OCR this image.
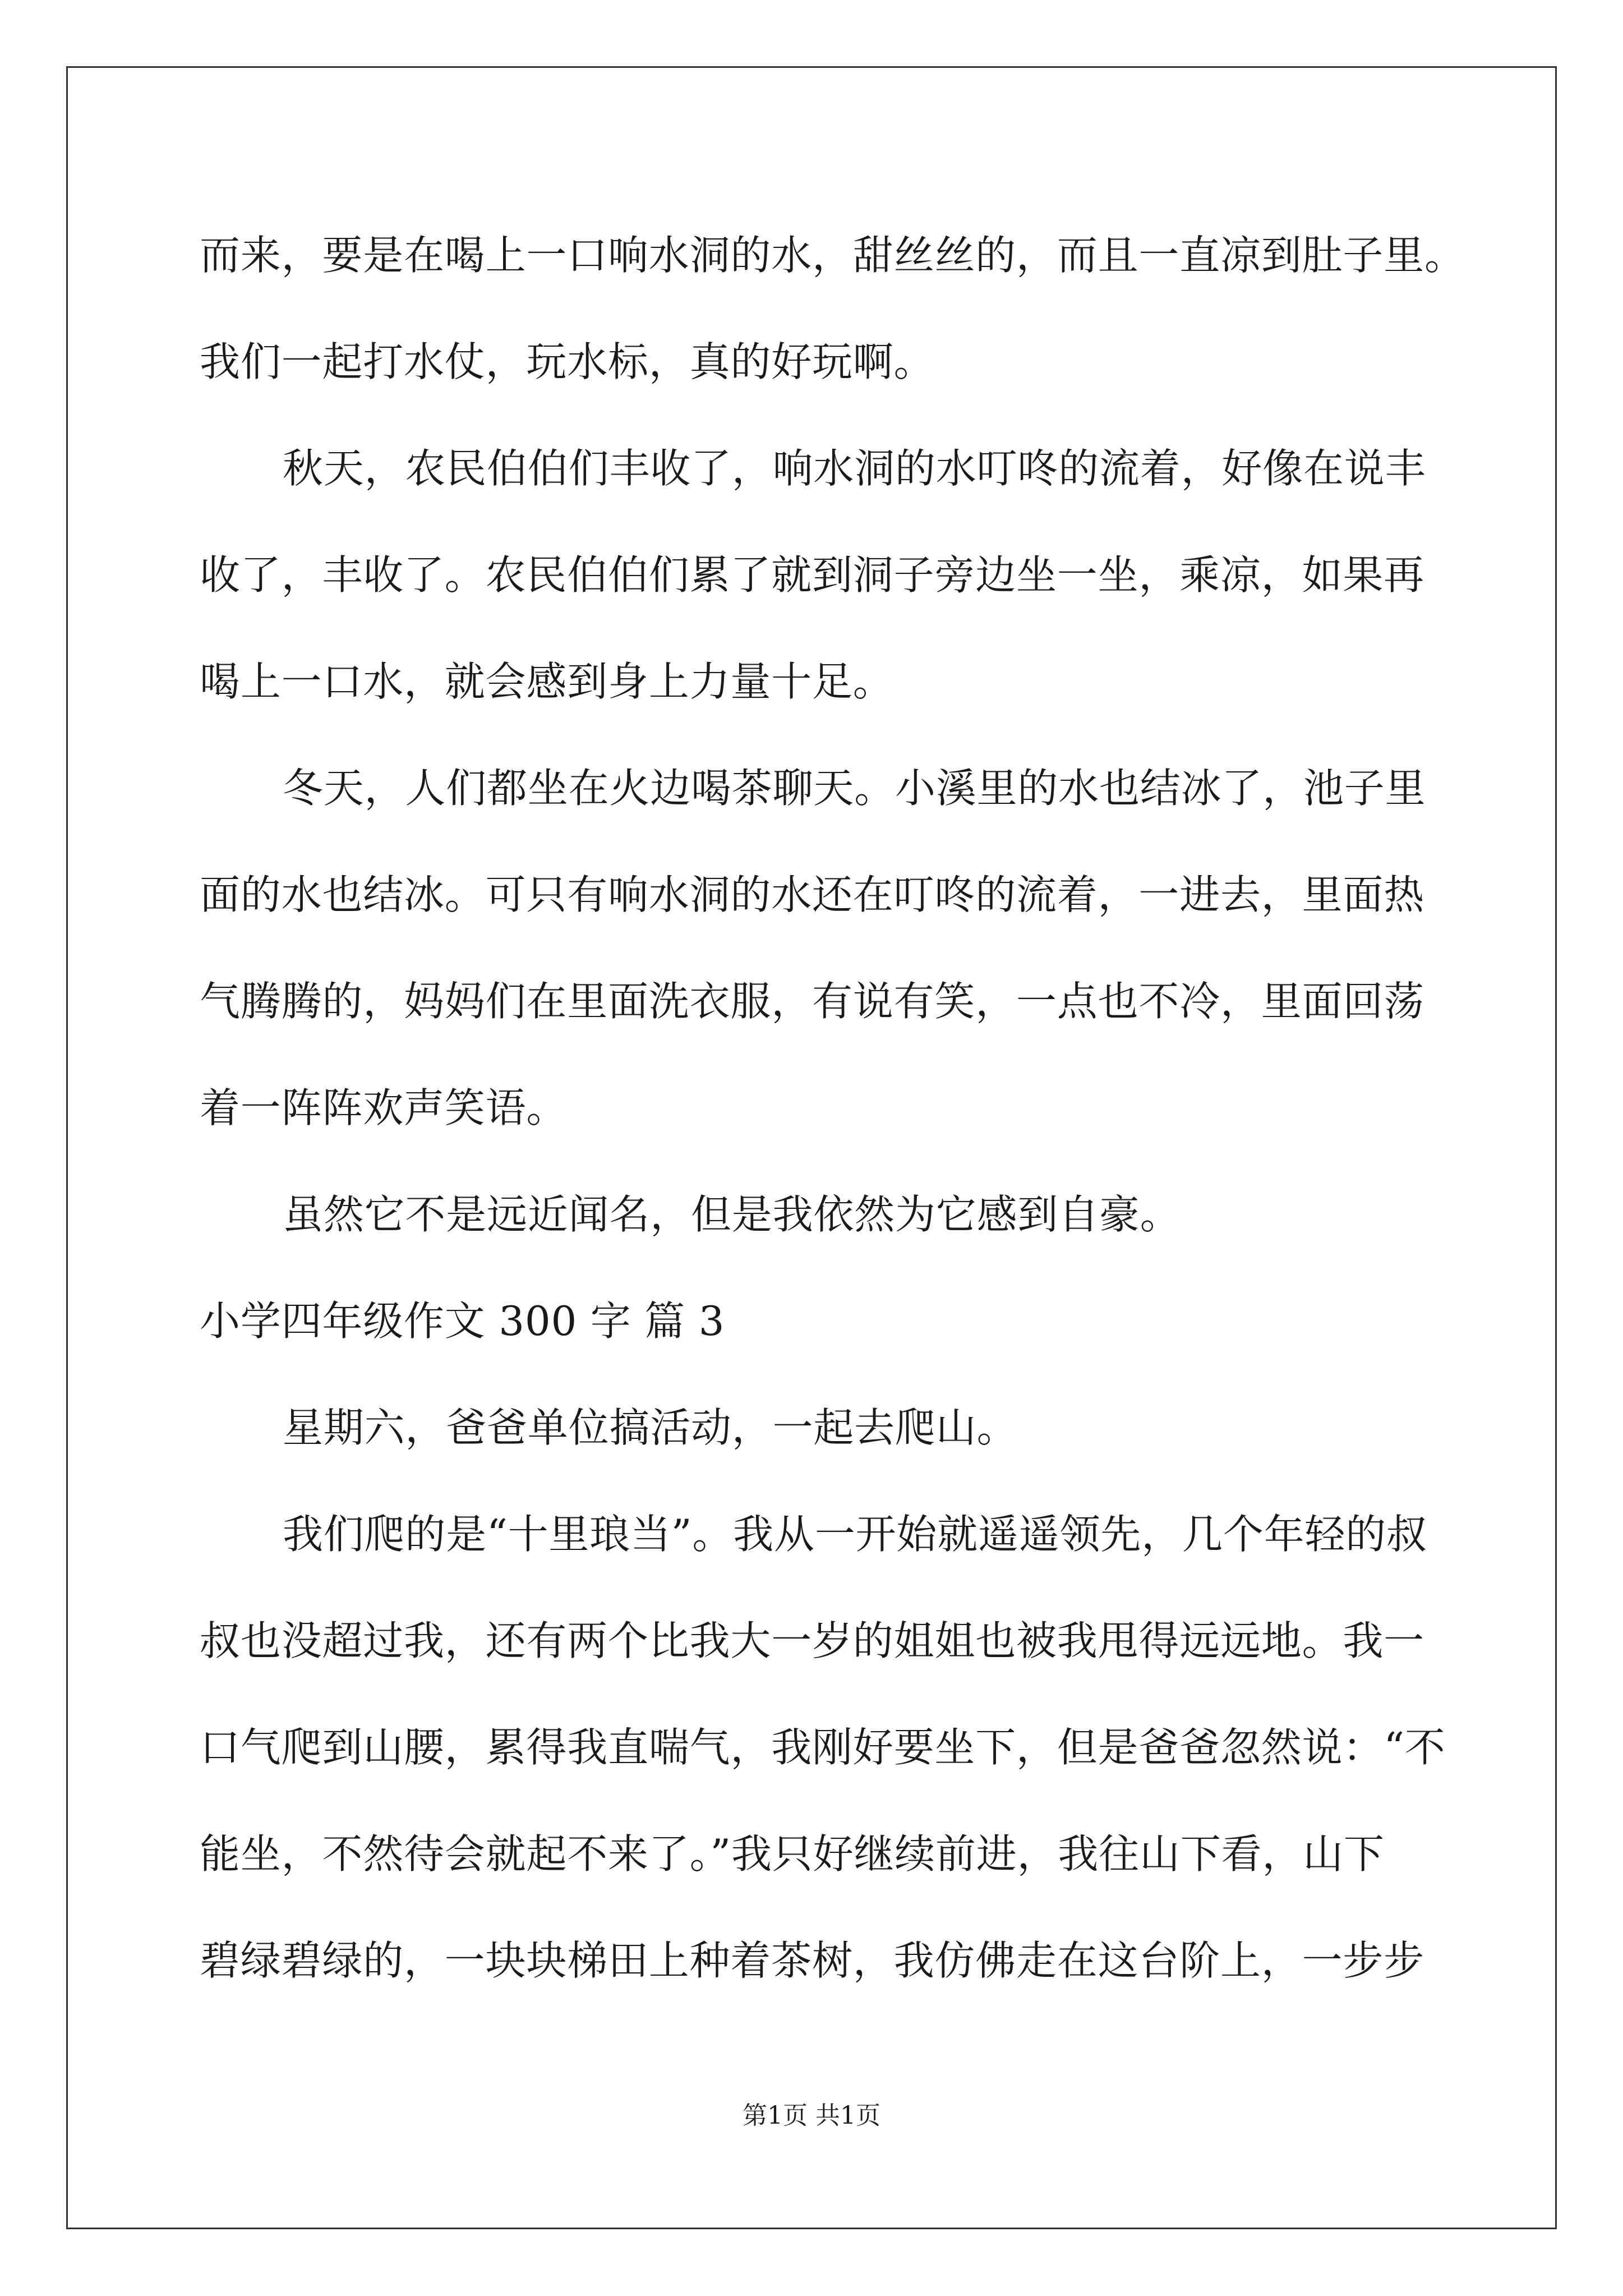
而来，要是在喝上一口响水洞的水，甜丝丝的，而且一直凉到肚子里。
我们一起打水仗，玩水标，真的好玩啊。
秋天，农民伯伯们丰收了，响水洞的水叮咚的流着，好像在说丰
收了，丰收了。农民伯伯们累了就到洞子旁边坐一坐，乘凉，如果再
喝上一口水，就会感到身上力量十足。
冬天，人们都坐在火边喝茶聊天。小溪里的水也结冰了，池子里
面的水也结冰。可只有响水洞的水还在叮咚的流着，一进去，里面热
气腾腾的，妈妈们在里面洗衣服，有说有笑，一点也不冷，里面回荡
着一阵阵欢声笑语。
虽然它不是远近闻名，但是我依然为它感到自豪。
小学四年级作文 300 字 篇 3
星期六，爸爸单位搞活动，一起去爬山。
我们爬的是“十里琅当”。我从一开始就遥遥领先，几个年轻的叔
叔也没超过我，还有两个比我大一岁的姐姐也被我甩得远远地。我一
口气爬到山腰，累得我直喘气，我刚好要坐下，但是爸爸忽然说：“不
能坐，不然待会就起不来了。”我只好继续前进，我往山下看，山下
碧绿碧绿的，一块块梯田上种着茶树，我仿佛走在这台阶上，一步步
第1页 共1页
